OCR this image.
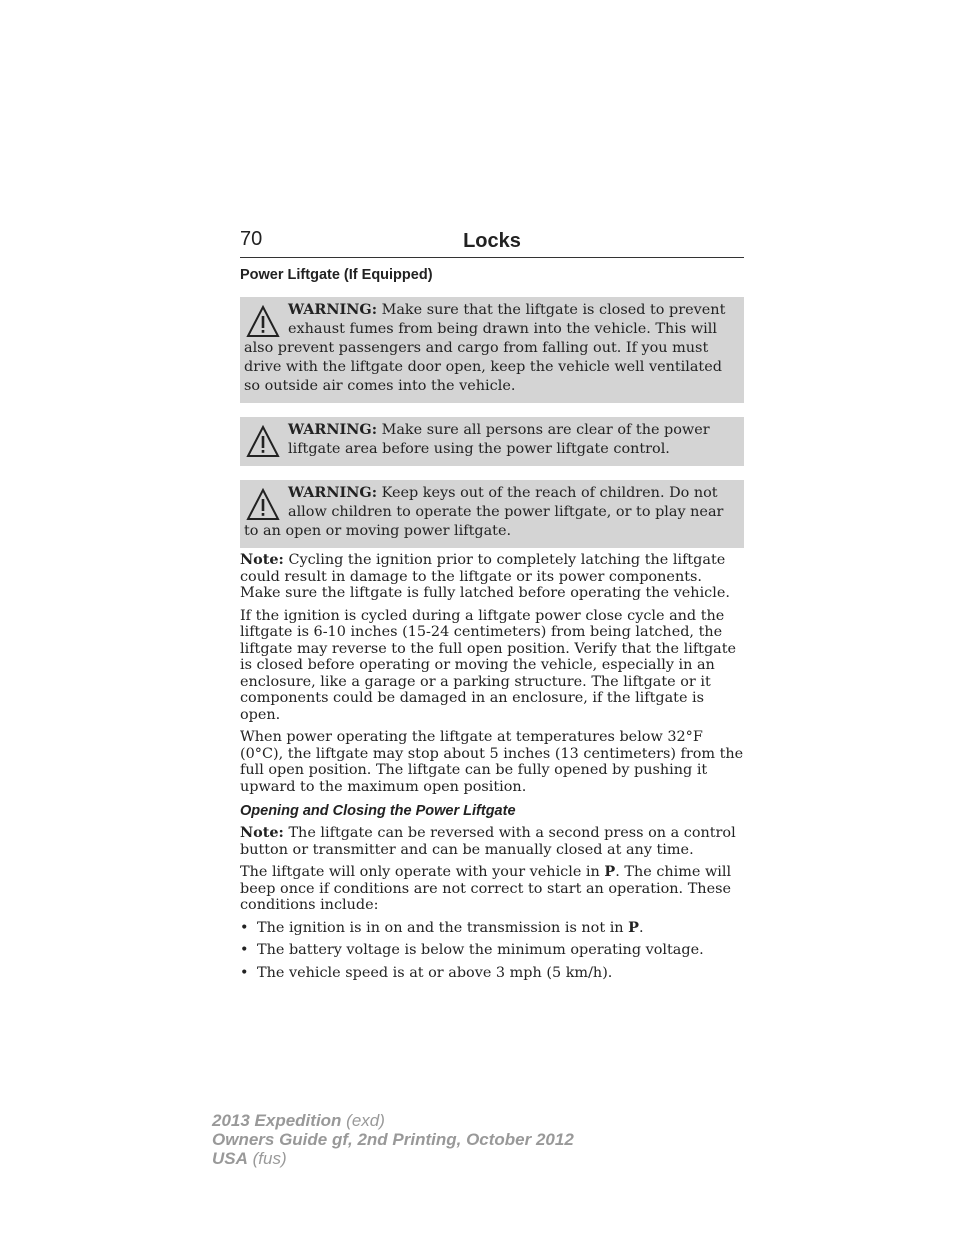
70	Locks
Power Liftgate (If Equipped)
WARNING: Make sure that the liftgate is closed to prevent exhaust fumes from being drawn into the vehicle. This will also prevent passengers and cargo from falling out. If you must drive with the liftgate door open, keep the vehicle well ventilated so outside air comes into the vehicle.
WARNING: Make sure all persons are clear of the power liftgate area before using the power liftgate control.
WARNING: Keep keys out of the reach of children. Do not allow children to operate the power liftgate, or to play near to an open or moving power liftgate.

Note: Cycling the ignition prior to completely latching the liftgate could result in damage to the liftgate or its power components. Make sure the liftgate is fully latched before operating the vehicle.

If the ignition is cycled during a liftgate power close cycle and the liftgate is 6-10 inches (15-24 centimeters) from being latched, the liftgate may reverse to the full open position. Verify that the liftgate is closed before operating or moving the vehicle, especially in an enclosure, like a garage or a parking structure. The liftgate or it components could be damaged in an enclosure, if the liftgate is open.

When power operating the liftgate at temperatures below 32°F (0°C), the liftgate may stop about 5 inches (13 centimeters) from the full open position. The liftgate can be fully opened by pushing it upward to the maximum open position.

Opening and Closing the Power Liftgate

Note: The liftgate can be reversed with a second press on a control button or transmitter and can be manually closed at any time.

The liftgate will only operate with your vehicle in P. The chime will beep once if conditions are not correct to start an operation. These conditions include:

• The ignition is in on and the transmission is not in P.
• The battery voltage is below the minimum operating voltage.
• The vehicle speed is at or above 3 mph (5 km/h).
2013 Expedition (exd)
Owners Guide gf, 2nd Printing, October 2012
USA (fus)
